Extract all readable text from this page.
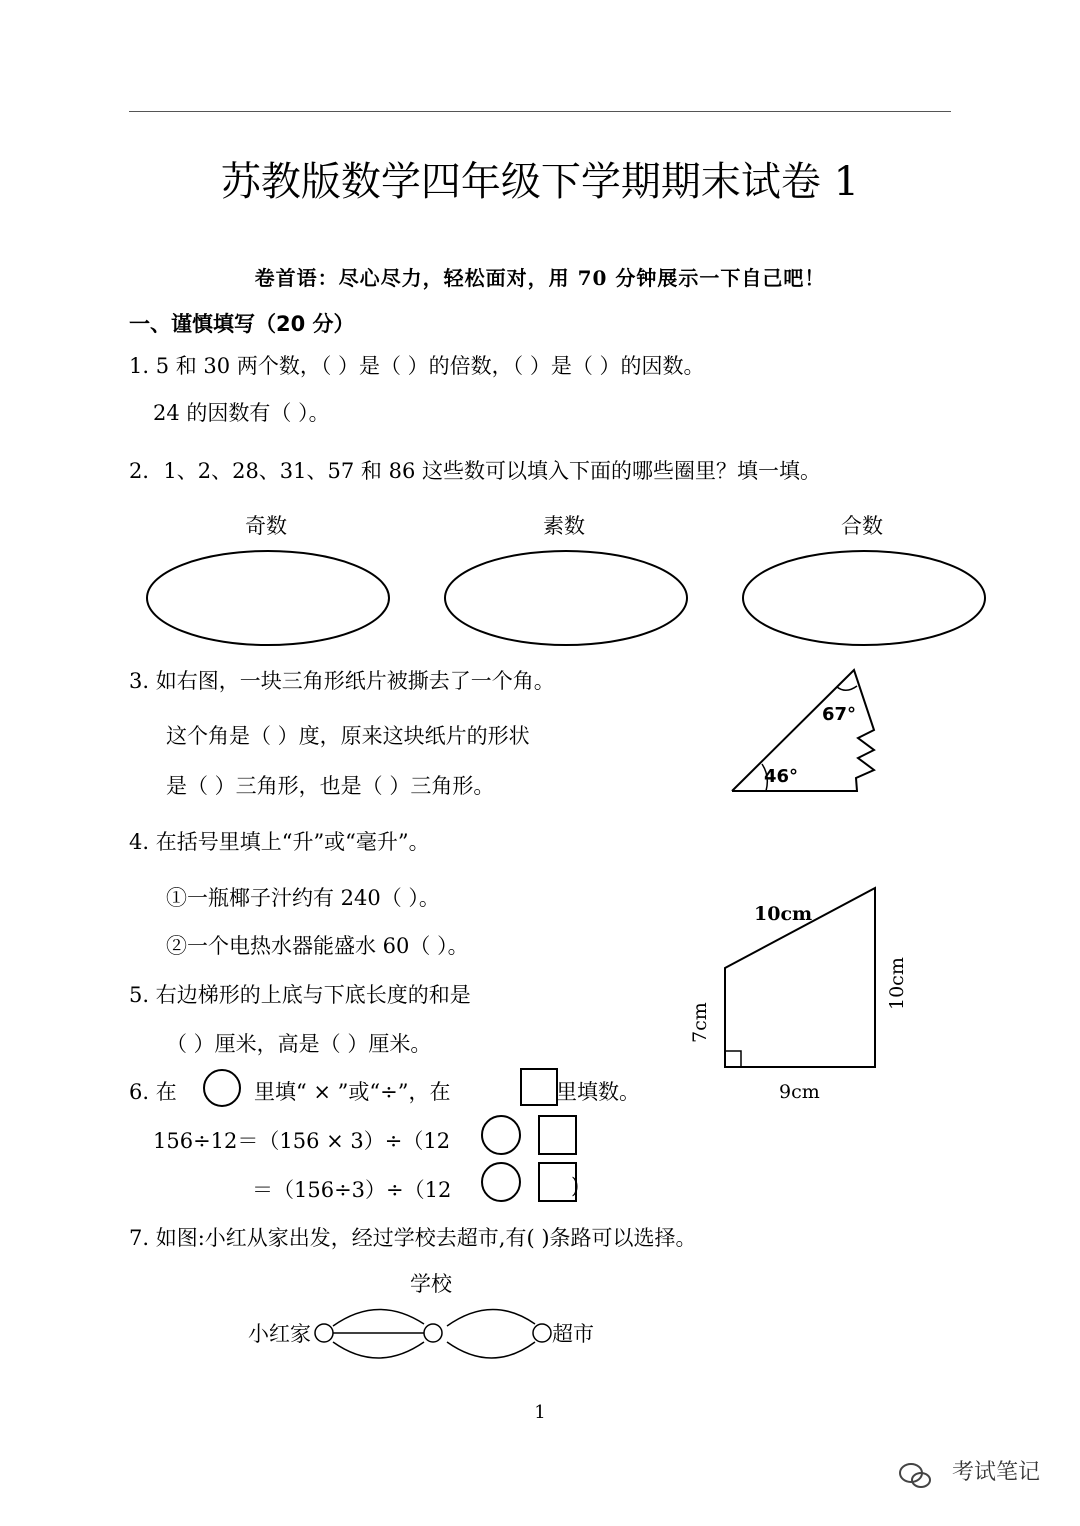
苏教版数学四年级下学期期末试卷 1
卷首语：尽心尽力，轻松面对，用 70 分钟展示一下自己吧！
一、谨慎填写（20 分）
1. 5 和 30 两个数，（ ）是（ ）的倍数，（ ）是（ ）的因数。
24 的因数有（ ）。
2．1、2、28、31、57 和 86 这些数可以填入下面的哪些圈里？填一填。
奇数	素数	合数
3. 如右图，一块三角形纸片被撕去了一个角。
这个角是（ ）度，原来这块纸片的形状
是（ ）三角形，也是（ ）三角形。
67°
46°
4. 在括号里填上“升”或“毫升”。
①一瓶椰子汁约有 240（ ）。
②一个电热水器能盛水 60（ ）。
5. 右边梯形的上底与下底长度的和是
（ ）厘米，高是（ ）厘米。
10cm
10cm
7cm
9cm
6. 在	里填“ × ”或“÷”，在	里填数。
156÷12＝（156 × 3）÷（12
＝（156÷3）÷（12	)
7. 如图:小红从家出发，经过学校去超市,有( )条路可以选择。
学校
小红家	超市
1
考试笔记
